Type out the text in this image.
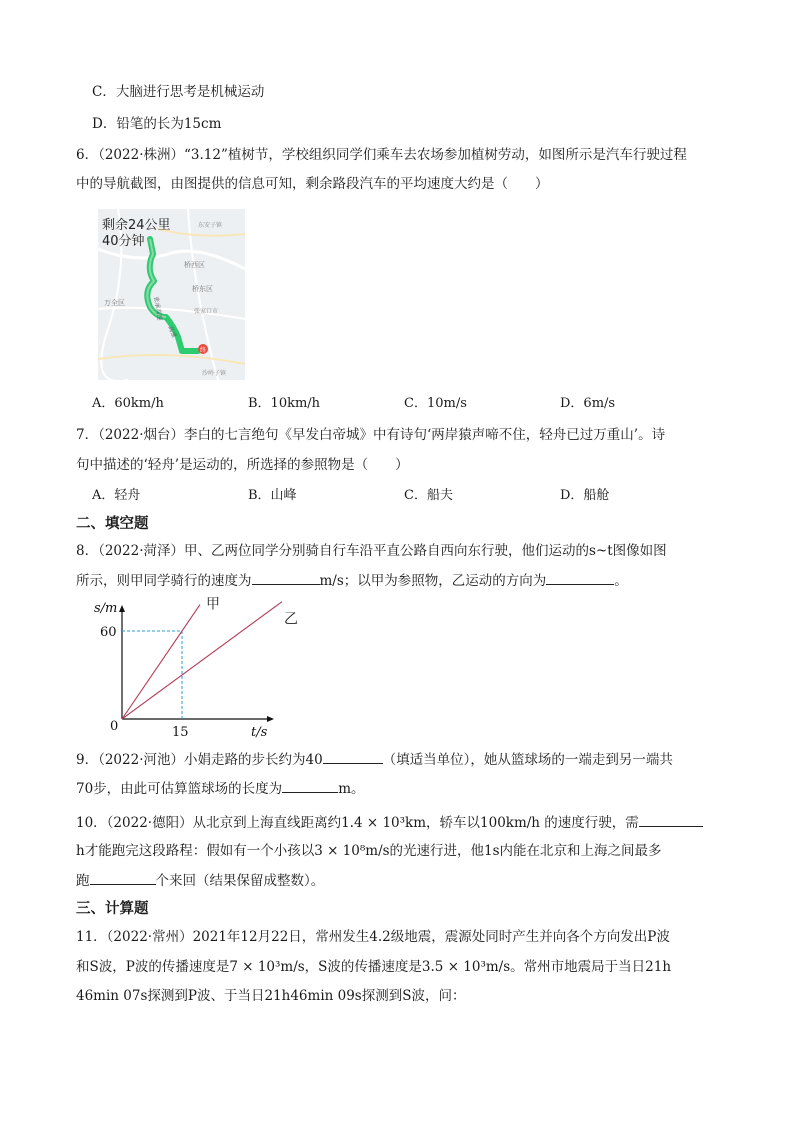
C．大脑进行思考是机械运动
D．铅笔的长为15cm
6．（2022·株洲）“3.12”植树节，学校组织同学们乘车去农场参加植树劳动，如图所示是汽车行驶过程
中的导航截图，由图提供的信息可知，剩余路段汽车的平均速度大约是（　　）
终
剩余24公里
40分钟
东安子镇
桥西区
桥东区
万全区
张家口市
沙岭子镇
张承高速
高速
A．60km/h	B．10km/h	C．10m/s	D．6m/s
7．（2022·烟台）李白的七言绝句《早发白帝城》中有诗句‘两岸猿声啼不住，轻舟已过万重山’。诗
句中描述的‘轻舟’是运动的，所选择的参照物是（　　）
A．轻舟	B．山峰	C．船夫	D．船舱
二、填空题
8．（2022·菏泽）甲、乙两位同学分别骑自行车沿平直公路自西向东行驶，他们运动的s~t图像如图
所示，则甲同学骑行的速度为	m/s；以甲为参照物，乙运动的方向为	。
甲
乙
s/m
t/s
0	15
60
9．（2022·河池）小娟走路的步长约为40	（填适当单位），她从篮球场的一端走到另一端共
70步，由此可估算篮球场的长度为	m。
10．（2022·德阳）从北京到上海直线距离约1.4 × 10³km，轿车以100km/h 的速度行驶，需
h才能跑完这段路程：假如有一个小孩以3 × 10⁸m/s的光速行进，他1s内能在北京和上海之间最多
跑	个来回（结果保留成整数）。
三、计算题
11．（2022·常州）2021年12月22日，常州发生4.2级地震，震源处同时产生并向各个方向发出P波
和S波，P波的传播速度是7 × 10³m/s，S波的传播速度是3.5 × 10³m/s。常州市地震局于当日21h
46min 07s探测到P波、于当日21h46min 09s探测到S波，问：
